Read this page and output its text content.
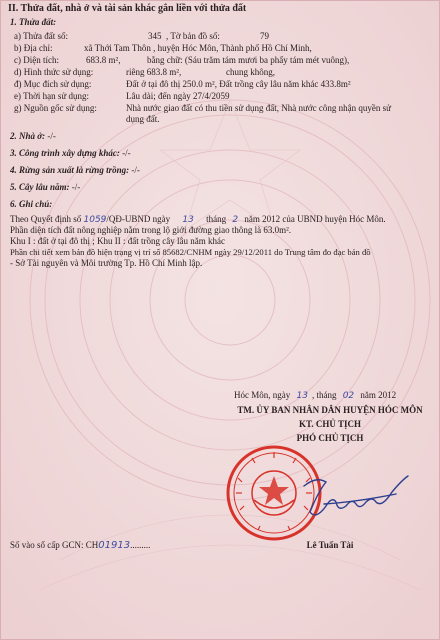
II. Thửa đất, nhà ở và tài sản khác gắn liền với thửa đất
1. Thửa đất:
a) Thửa đất số:	345 , Tờ bản đồ số:	79
b) Địa chỉ:	xã Thới Tam Thôn , huyện Hóc Môn, Thành phố Hồ Chí Minh,
c) Diện tích:	683.8 m²,	bằng chữ: (Sáu trăm tám mươi ba phẩy tám mét vuông),
d) Hình thức sử dụng:	riêng 683.8 m²,	chung không,
đ) Mục đích sử dụng:	Đất ở tại đô thị 250.0 m², Đất trồng cây lâu năm khác 433.8m²
e) Thời hạn sử dụng:	Lâu dài; đến ngày 27/4/2059
g) Nguồn gốc sử dụng:	Nhà nước giao đất có thu tiền sử dụng đất, Nhà nước công nhận quyền sử
dụng đất.
2. Nhà ở: -/-
3. Công trình xây dựng khác: -/-
4. Rừng sản xuất là rừng trồng: -/-
5. Cây lâu năm: -/-
6. Ghi chú:
Theo Quyết định số 1059/QĐ-UBND ngày 13 tháng 2 năm 2012 của UBND huyện Hóc Môn.
Phần diện tích đất nông nghiệp nằm trong lộ giới đường giao thông là 63.0m².
Khu I : đất ở tại đô thị ; Khu II : đất trồng cây lâu năm khác
Phần chi tiết xem bản đồ hiện trạng vị trí số 85682/CNHM ngày 29/12/2011 do Trung tâm đo đạc bản đồ
- Sở Tài nguyên và Môi trường Tp. Hồ Chí Minh lập.
Hóc Môn, ngày 13 , tháng 02 năm 2012
TM. ỦY BAN NHÂN DÂN HUYỆN HÓC MÔN
KT. CHỦ TỊCH
PHÓ CHỦ TỊCH
Lê Tuấn Tài
Số vào sổ cấp GCN: CH01913.........
